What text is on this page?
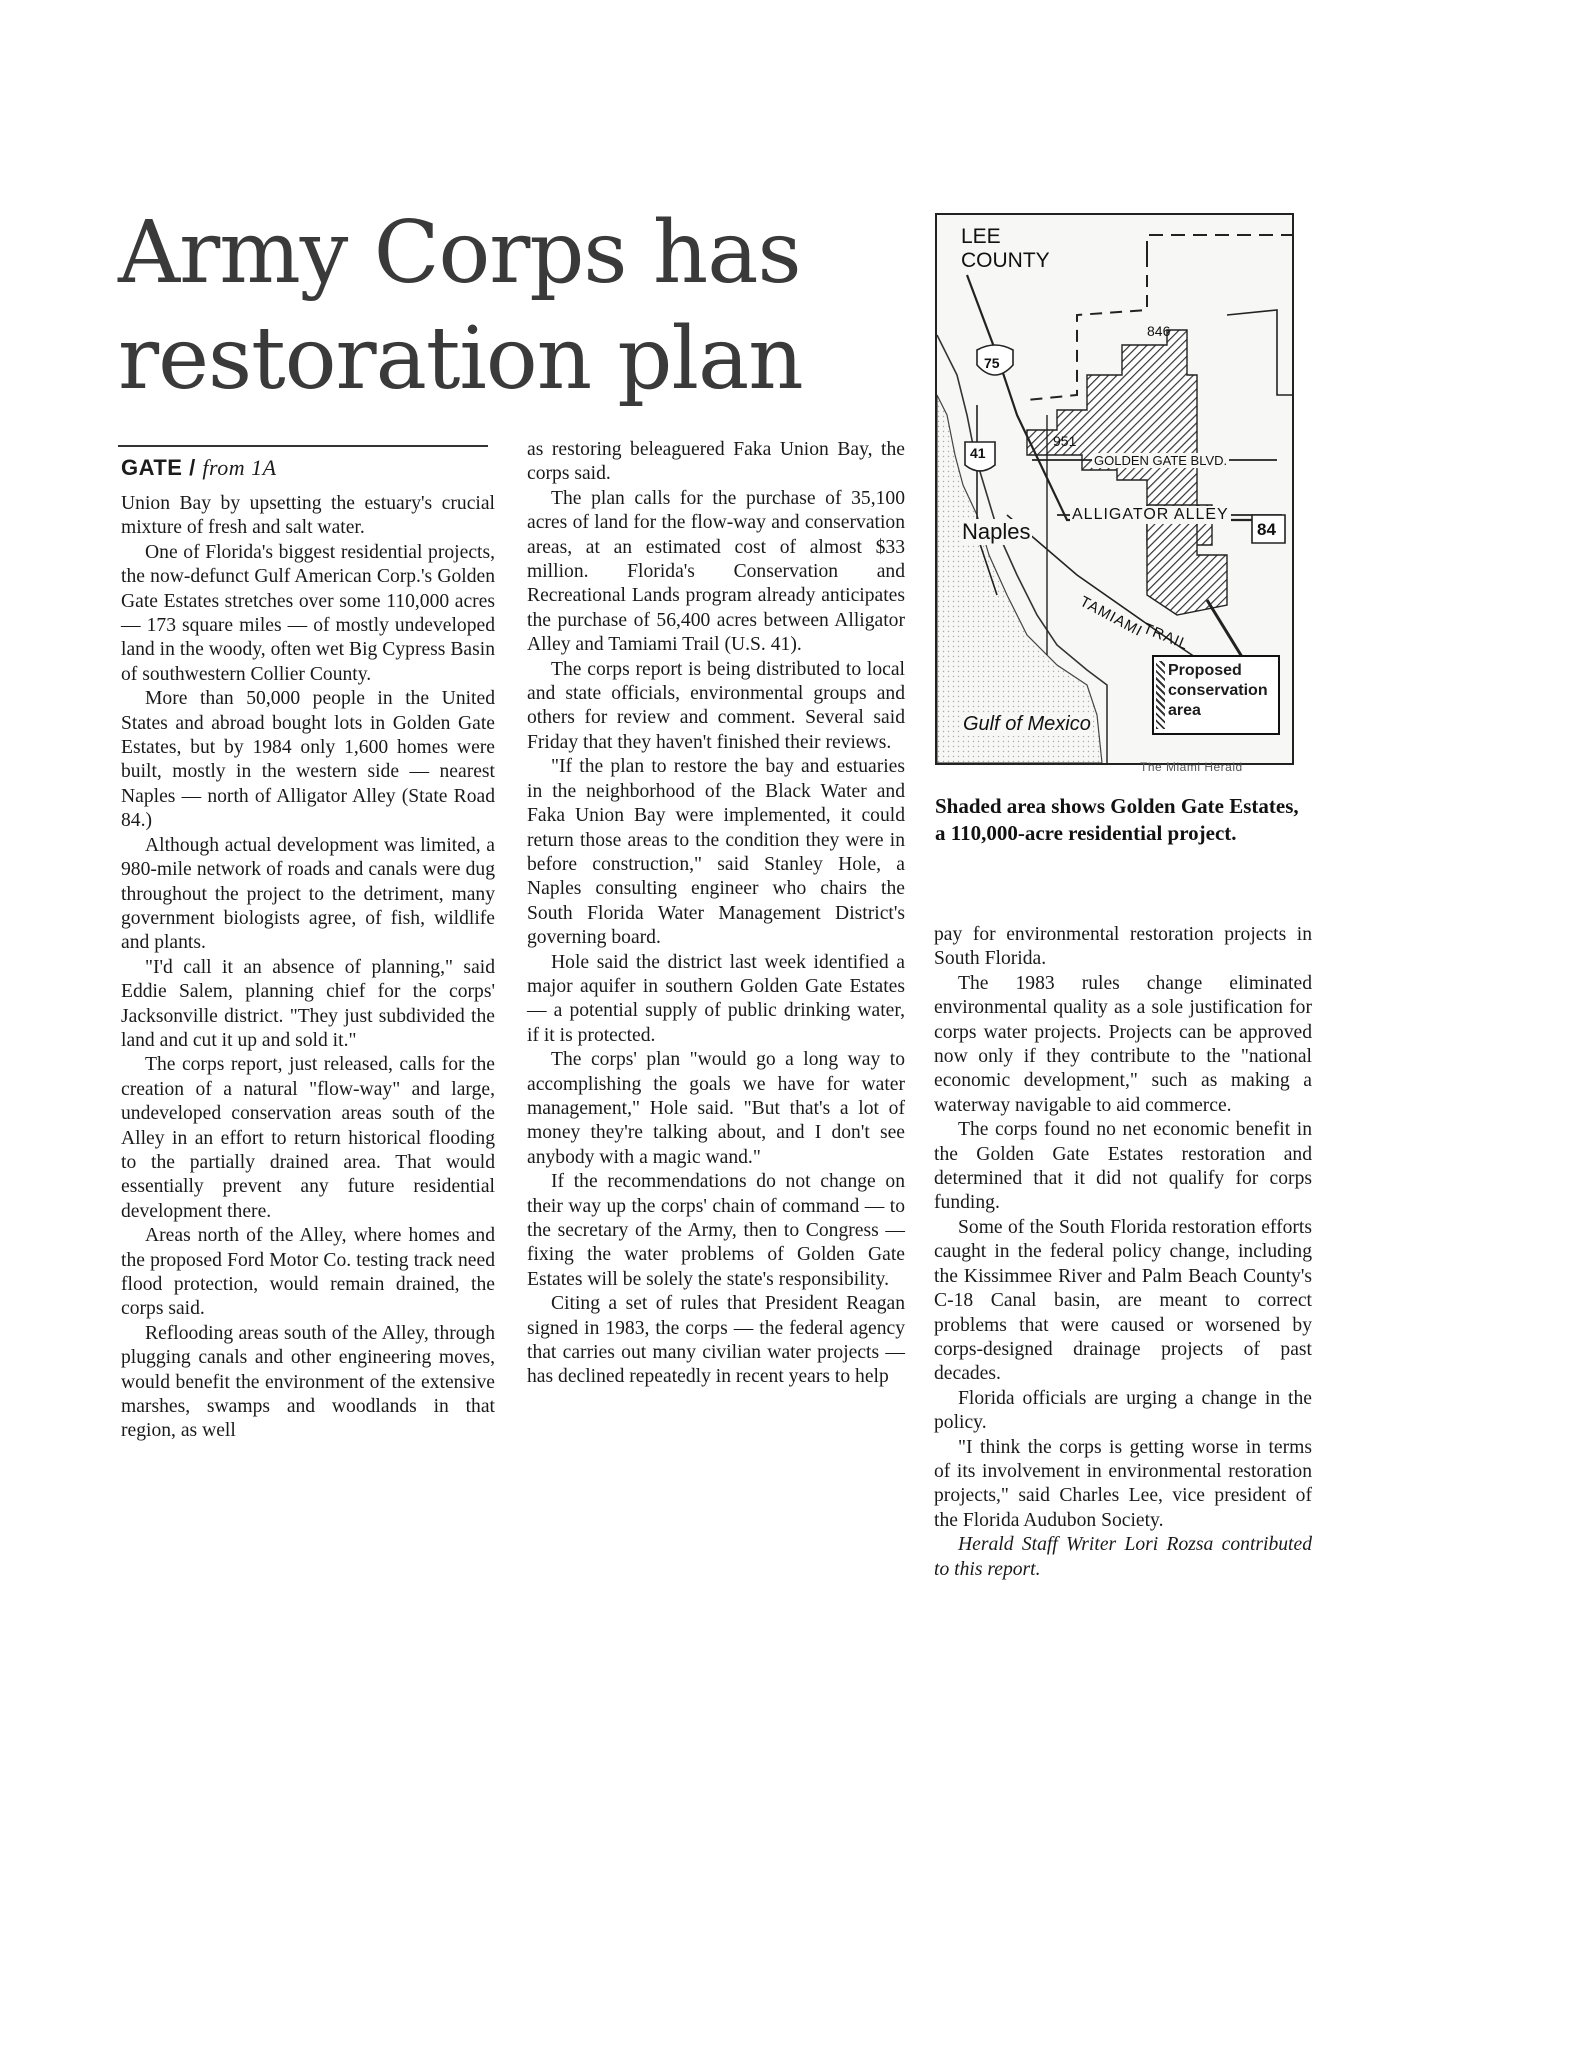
Army Corps has
restoration plan
GATE / from 1A

Union Bay by upsetting the estuary's crucial mixture of fresh and salt water.

One of Florida's biggest residential projects, the now-defunct Gulf American Corp.'s Golden Gate Estates stretches over some 110,000 acres — 173 square miles — of mostly undeveloped land in the woody, often wet Big Cypress Basin of southwestern Collier County.

More than 50,000 people in the United States and abroad bought lots in Golden Gate Estates, but by 1984 only 1,600 homes were built, mostly in the western side — nearest Naples — north of Alligator Alley (State Road 84.)

Although actual development was limited, a 980-mile network of roads and canals were dug throughout the project to the detriment, many government biologists agree, of fish, wildlife and plants.

"I'd call it an absence of planning," said Eddie Salem, planning chief for the corps' Jacksonville district. "They just subdivided the land and cut it up and sold it."

The corps report, just released, calls for the creation of a natural "flow-way" and large, undeveloped conservation areas south of the Alley in an effort to return historical flooding to the partially drained area. That would essentially prevent any future residential development there.

Areas north of the Alley, where homes and the proposed Ford Motor Co. testing track need flood protection, would remain drained, the corps said.

Reflooding areas south of the Alley, through plugging canals and other engineering moves, would benefit the environment of the extensive marshes, swamps and woodlands in that region, as well

as restoring beleaguered Faka Union Bay, the corps said.

The plan calls for the purchase of 35,100 acres of land for the flow-way and conservation areas, at an estimated cost of almost $33 million. Florida's Conservation and Recreational Lands program already anticipates the purchase of 56,400 acres between Alligator Alley and Tamiami Trail (U.S. 41).

The corps report is being distributed to local and state officials, environmental groups and others for review and comment. Several said Friday that they haven't finished their reviews.

"If the plan to restore the bay and estuaries in the neighborhood of the Black Water and Faka Union Bay were implemented, it could return those areas to the condition they were in before construction," said Stanley Hole, a Naples consulting engineer who chairs the South Florida Water Management District's governing board.

Hole said the district last week identified a major aquifer in southern Golden Gate Estates — a potential supply of public drinking water, if it is protected.

The corps' plan "would go a long way to accomplishing the goals we have for water management," Hole said. "But that's a lot of money they're talking about, and I don't see anybody with a magic wand."

If the recommendations do not change on their way up the corps' chain of command — to the secretary of the Army, then to Congress — fixing the water problems of Golden Gate Estates will be solely the state's responsibility.

Citing a set of rules that President Reagan signed in 1983, the corps — the federal agency that carries out many civilian water projects — has declined repeatedly in recent years to help

LEE
COUNTY
75
41
951
846
84
GOLDEN GATE BLVD.
ALLIGATOR ALLEY
Naples
TAMIAMI
TRAIL
Gulf of Mexico
Proposed conservation area
The Miami Herald
Shaded area shows Golden Gate Estates, a 110,000-acre residential project.

pay for environmental restoration projects in South Florida.

The 1983 rules change eliminated environmental quality as a sole justification for corps water projects. Projects can be approved now only if they contribute to the "national economic development," such as making a waterway navigable to aid commerce.

The corps found no net economic benefit in the Golden Gate Estates restoration and determined that it did not qualify for corps funding.

Some of the South Florida restoration efforts caught in the federal policy change, including the Kissimmee River and Palm Beach County's C-18 Canal basin, are meant to correct problems that were caused or worsened by corps-designed drainage projects of past decades.

Florida officials are urging a change in the policy.

"I think the corps is getting worse in terms of its involvement in environmental restoration projects," said Charles Lee, vice president of the Florida Audubon Society.

Herald Staff Writer Lori Rozsa contributed to this report.
